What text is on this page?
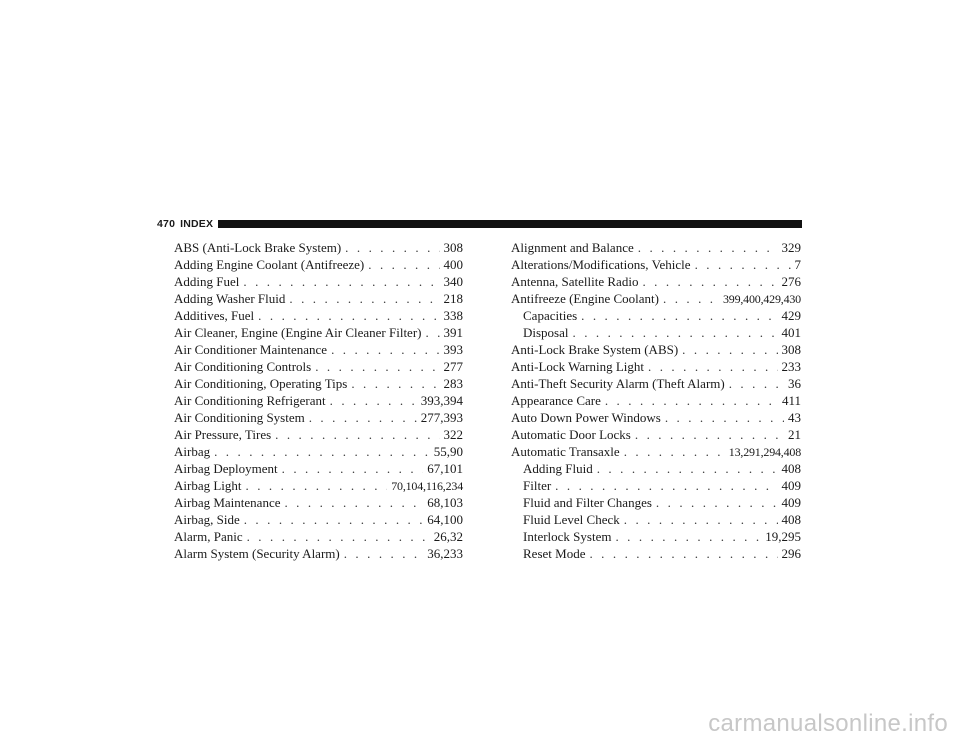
470 INDEX
ABS (Anti-Lock Brake System) . . .	308
Adding Engine Coolant (Antifreeze) . . .	400
Adding Fuel . . .	340
Adding Washer Fluid . . .	218
Additives, Fuel . . .	338
Air Cleaner, Engine (Engine Air Cleaner Filter) . . . 391
Air Conditioner Maintenance . . .	393
Air Conditioning Controls . . .	277
Air Conditioning, Operating Tips . . .	283
Air Conditioning Refrigerant . . .	393,394
Air Conditioning System . . .	277,393
Air Pressure, Tires . . .	322
Airbag . . .	55,90
Airbag Deployment . . .	67,101
Airbag Light . . .	70,104,116,234
Airbag Maintenance . . .	68,103
Airbag, Side . . .	64,100
Alarm, Panic . . .	26,32
Alarm System (Security Alarm) . . .	36,233
Alignment and Balance . . .	329
Alterations/Modifications, Vehicle . . .	7
Antenna, Satellite Radio . . .	276
Antifreeze (Engine Coolant) . . .	399,400,429,430
Capacities . . .	429
Disposal . . .	401
Anti-Lock Brake System (ABS) . . .	308
Anti-Lock Warning Light . . .	233
Anti-Theft Security Alarm (Theft Alarm) . . .	36
Appearance Care . . .	411
Auto Down Power Windows . . .	43
Automatic Door Locks . . .	21
Automatic Transaxle . . .	13,291,294,408
Adding Fluid . . .	408
Filter . . .	409
Fluid and Filter Changes . . .	409
Fluid Level Check . . .	408
Interlock System . . .	19,295
Reset Mode . . .	296
carmanualsonline.info
